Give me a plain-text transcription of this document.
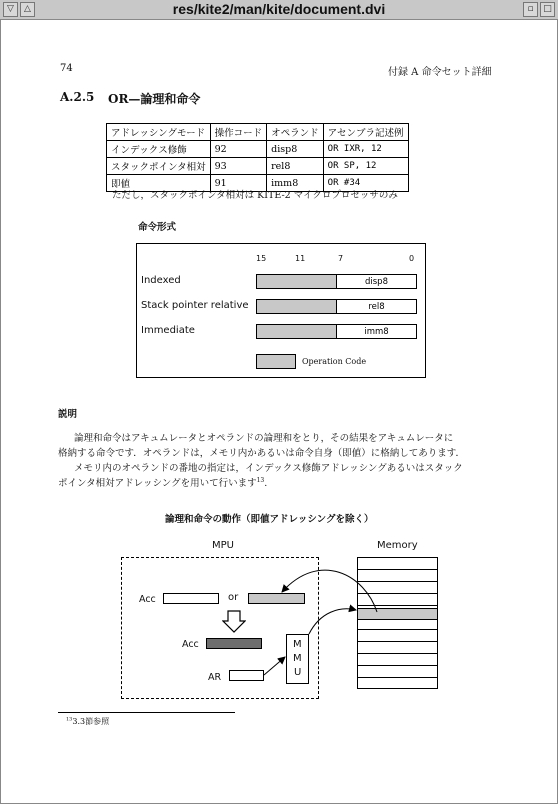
▽	△	res/kite2/man/kite/document.dvi	▫	□
74	付録 A 命令セット詳細
A.2.5 OR—論理和命令
アドレッシングモード	操作コード	オペランド	アセンブラ記述例
インデックス修飾	92	disp8	OR IXR, 12
スタックポインタ相対	93	rel8	OR SP, 12
即値	91	imm8	OR #34
ただし，スタックポインタ相対は KITE-2 マイクロプロセッサのみ
命令形式
15	11	7	0
Indexed	disp8
Stack pointer relative	rel8
Immediate	imm8
Operation Code
説明
論理和命令はアキュムレータとオペランドの論理和をとり，その結果をアキュムレータに
格納する命令です．オペランドは，メモリ内かあるいは命令自身（即値）に格納してあります．
メモリ内のオペランドの番地の指定は，インデックス修飾アドレッシングあるいはスタック
ポインタ相対アドレッシングを用いて行います$^{13}$.
論理和命令の動作（即値アドレッシングを除く）
MPU	Memory
Acc	or
Acc
AR
M
M
U
$^{13}$3.3節参照
